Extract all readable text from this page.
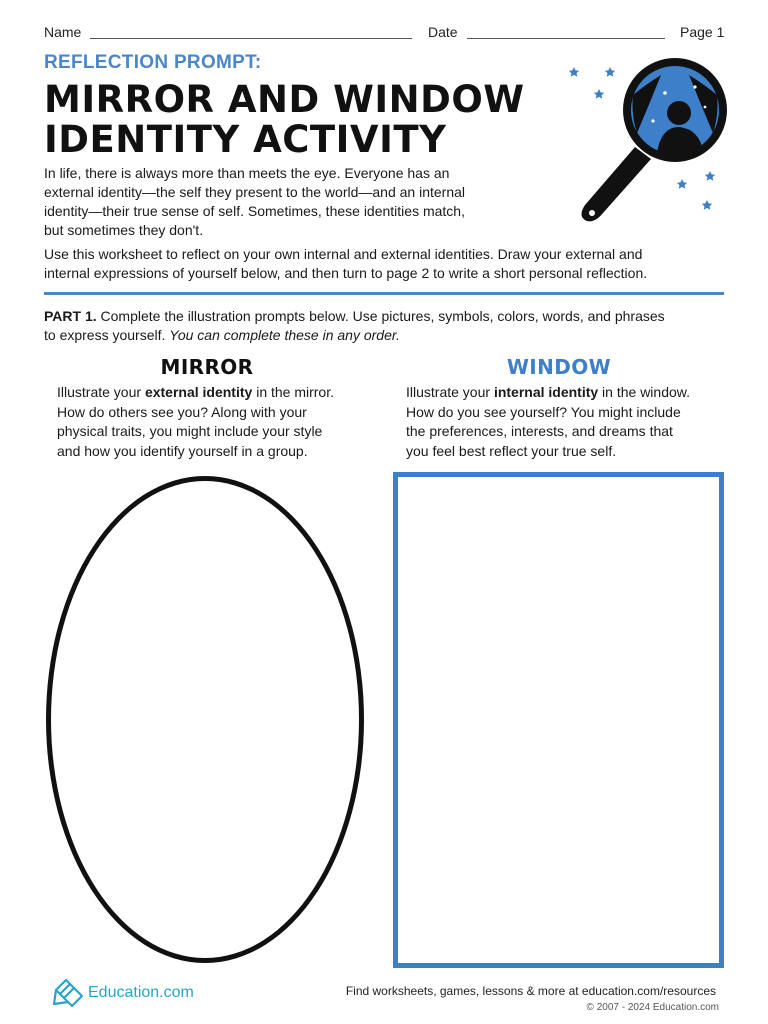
Name	Date	Page 1
REFLECTION PROMPT:
MIRROR AND WINDOW
IDENTITY ACTIVITY
In life, there is always more than meets the eye. Everyone has an
external identity—the self they present to the world—and an internal
identity—their true sense of self. Sometimes, these identities match,
but sometimes they don't.
Use this worksheet to reflect on your own internal and external identities. Draw your external and
internal expressions of yourself below, and then turn to page 2 to write a short personal reflection.
PART 1. Complete the illustration prompts below. Use pictures, symbols, colors, words, and phrases
to express yourself. You can complete these in any order.
MIRROR
Illustrate your external identity in the mirror.
How do others see you? Along with your
physical traits, you might include your style
and how you identify yourself in a group.
WINDOW
Illustrate your internal identity in the window.
How do you see yourself? You might include
the preferences, interests, and dreams that
you feel best reflect your true self.
Education.com	Find worksheets, games, lessons & more at education.com/resources
© 2007 - 2024 Education.com
